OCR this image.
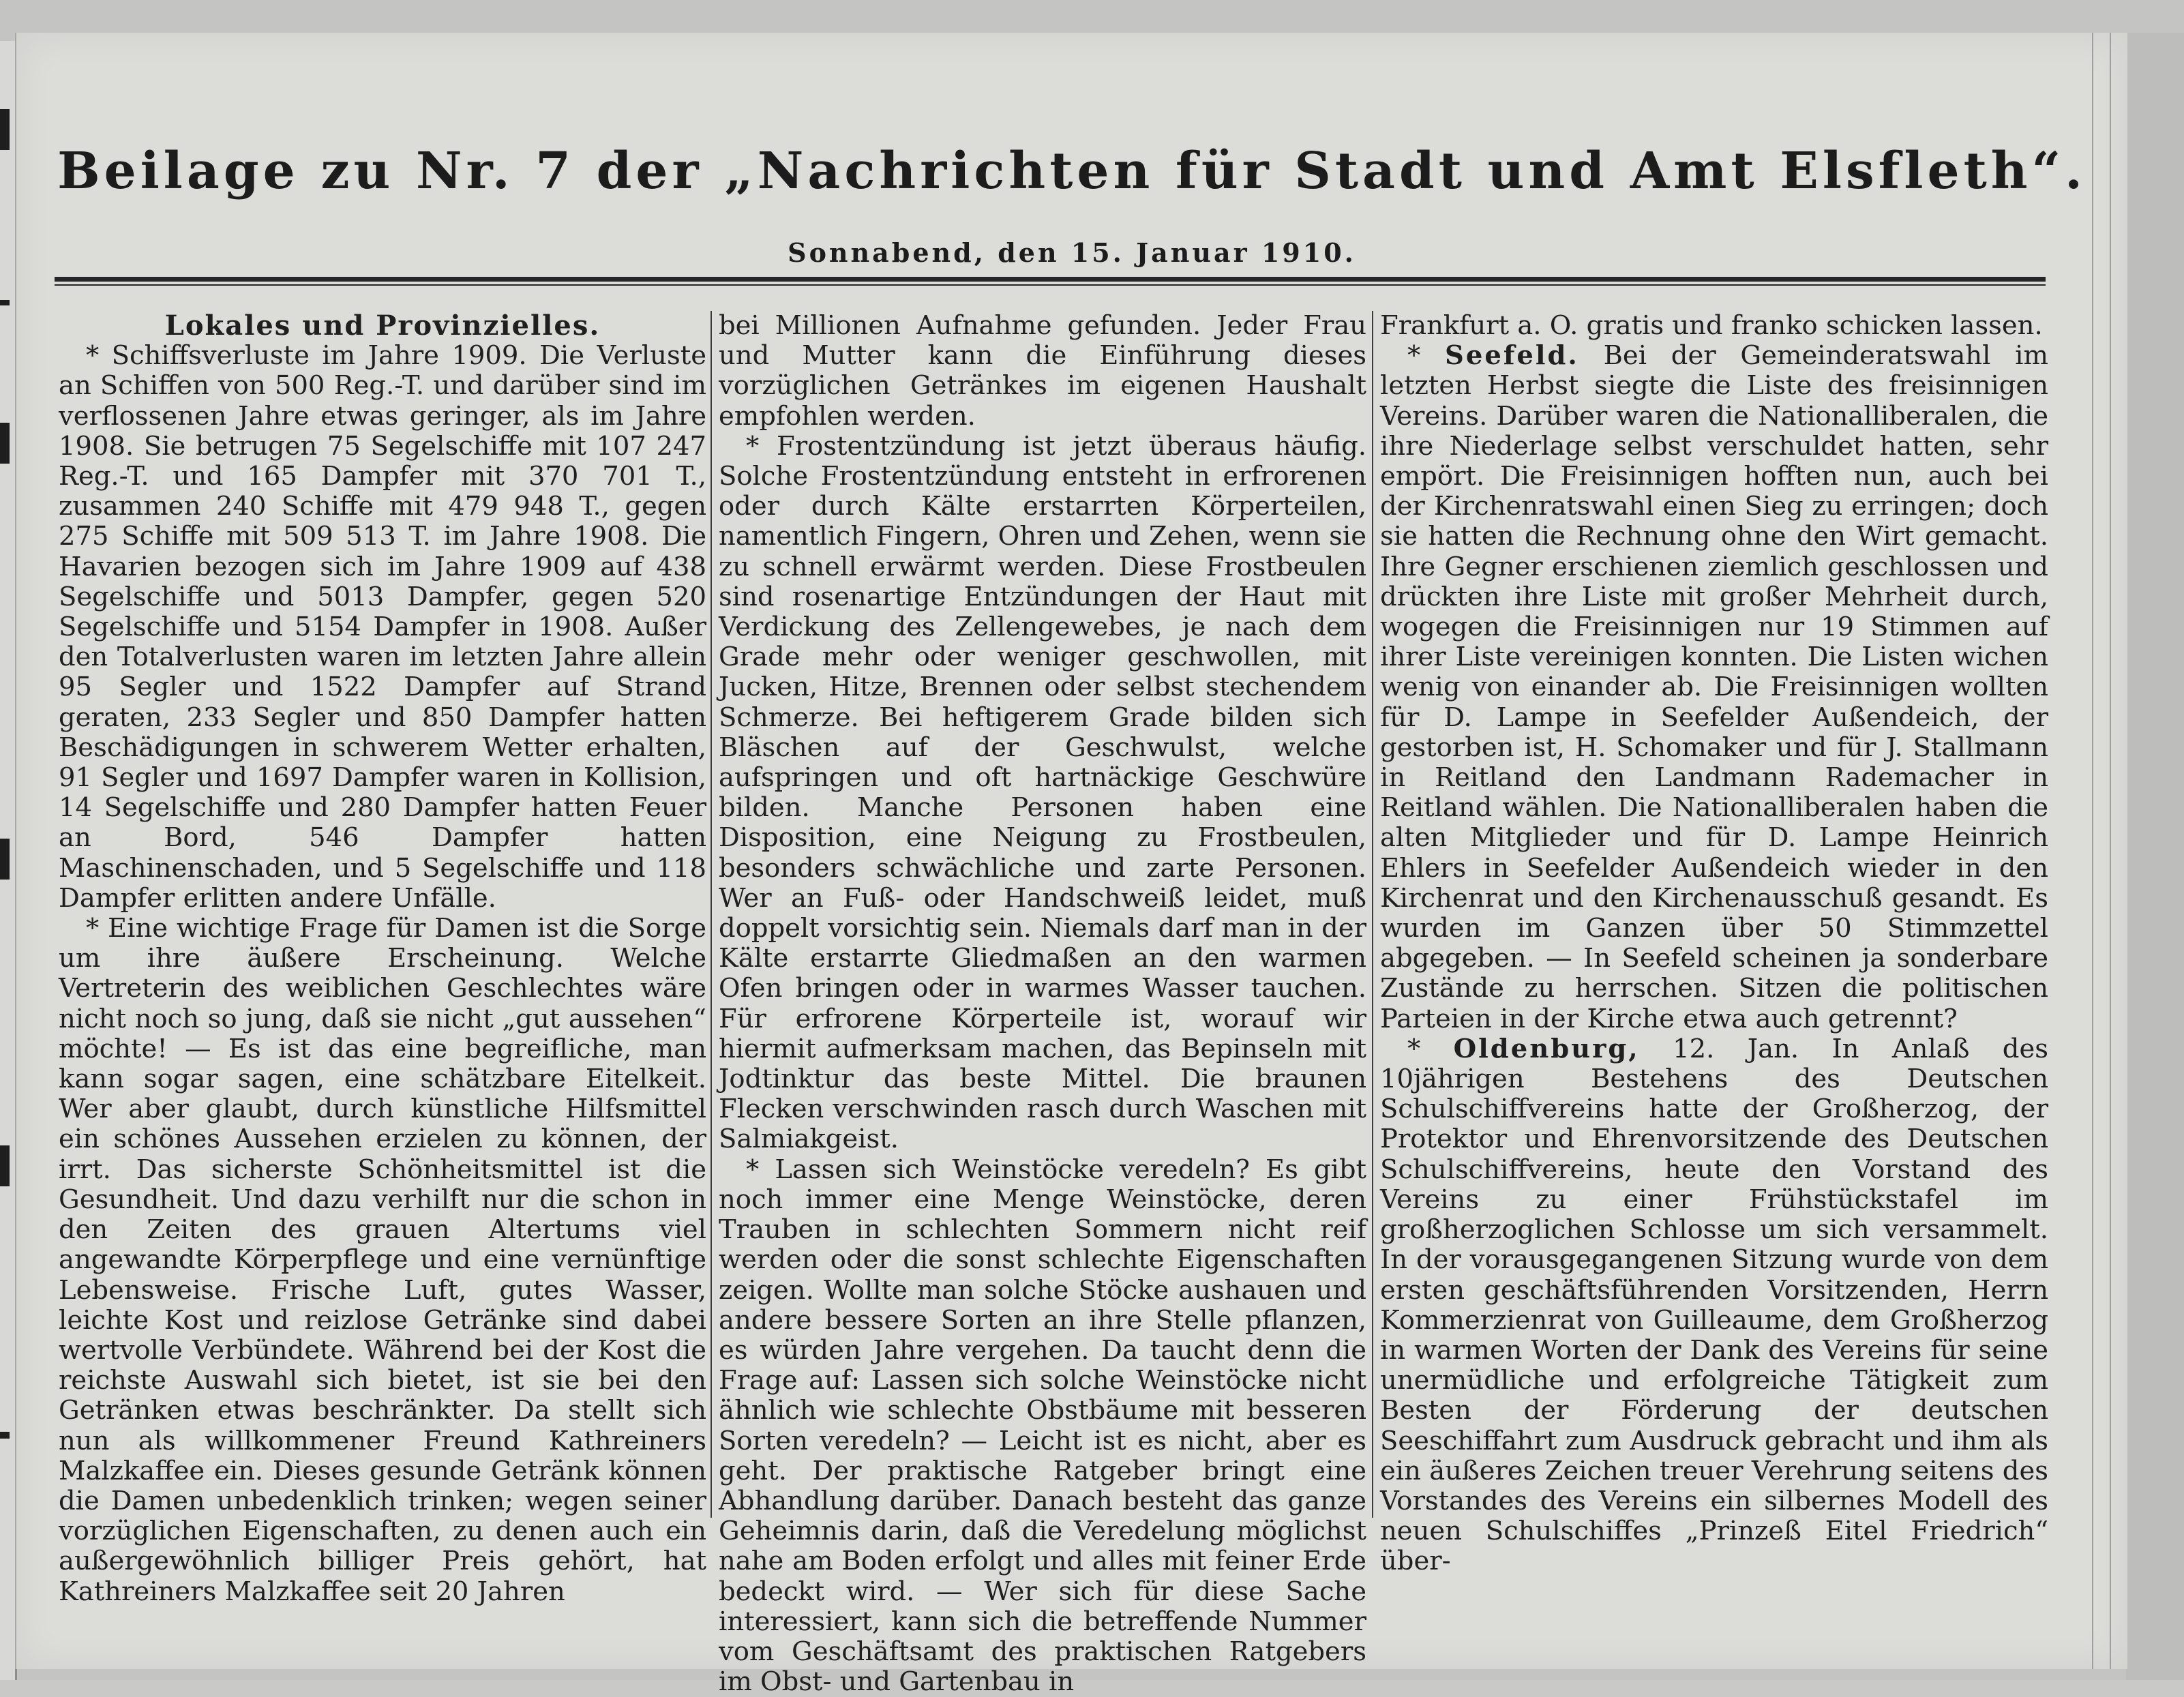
Beilage zu Nr. 7 der „Nachrichten für Stadt und Amt Elsfleth“.
Sonnabend, den 15. Januar 1910.
Lokales und Provinzielles.
* Schiffsverluste im Jahre 1909. Die Verluste an Schiffen von 500 Reg.-T. und darüber sind im verflossenen Jahre etwas geringer, als im Jahre 1908. Sie betrugen 75 Segelschiffe mit 107 247 Reg.-T. und 165 Dampfer mit 370 701 T., zusammen 240 Schiffe mit 479 948 T., gegen 275 Schiffe mit 509 513 T. im Jahre 1908. Die Havarien bezogen sich im Jahre 1909 auf 438 Segelschiffe und 5013 Dampfer, gegen 520 Segelschiffe und 5154 Dampfer in 1908. Außer den Totalverlusten waren im letzten Jahre allein 95 Segler und 1522 Dampfer auf Strand geraten, 233 Segler und 850 Dampfer hatten Beschädigungen in schwerem Wetter erhalten, 91 Segler und 1697 Dampfer waren in Kollision, 14 Segelschiffe und 280 Dampfer hatten Feuer an Bord, 546 Dampfer hatten Maschinenschaden, und 5 Segelschiffe und 118 Dampfer erlitten andere Unfälle.
* Eine wichtige Frage für Damen ist die Sorge um ihre äußere Erscheinung. Welche Vertreterin des weiblichen Geschlechtes wäre nicht noch so jung, daß sie nicht „gut aussehen“ möchte! — Es ist das eine begreifliche, man kann sogar sagen, eine schätzbare Eitelkeit. Wer aber glaubt, durch künstliche Hilfsmittel ein schönes Aussehen erzielen zu können, der irrt. Das sicherste Schönheitsmittel ist die Gesundheit. Und dazu verhilft nur die schon in den Zeiten des grauen Altertums viel angewandte Körperpflege und eine vernünftige Lebensweise. Frische Luft, gutes Wasser, leichte Kost und reizlose Getränke sind dabei wertvolle Verbündete. Während bei der Kost die reichste Auswahl sich bietet, ist sie bei den Getränken etwas beschränkter. Da stellt sich nun als willkommener Freund Kathreiners Malzkaffee ein. Dieses gesunde Getränk können die Damen unbedenklich trinken; wegen seiner vorzüglichen Eigenschaften, zu denen auch ein außergewöhnlich billiger Preis gehört, hat Kathreiners Malzkaffee seit 20 Jahren
bei Millionen Aufnahme gefunden. Jeder Frau und Mutter kann die Einführung dieses vorzüglichen Getränkes im eigenen Haushalt empfohlen werden.
* Frostentzündung ist jetzt überaus häufig. Solche Frostentzündung entsteht in erfrorenen oder durch Kälte erstarrten Körperteilen, namentlich Fingern, Ohren und Zehen, wenn sie zu schnell erwärmt werden. Diese Frostbeulen sind rosenartige Entzündungen der Haut mit Verdickung des Zellengewebes, je nach dem Grade mehr oder weniger geschwollen, mit Jucken, Hitze, Brennen oder selbst stechendem Schmerze. Bei heftigerem Grade bilden sich Bläschen auf der Geschwulst, welche aufspringen und oft hartnäckige Geschwüre bilden. Manche Personen haben eine Disposition, eine Neigung zu Frostbeulen, besonders schwächliche und zarte Personen. Wer an Fuß- oder Handschweiß leidet, muß doppelt vorsichtig sein. Niemals darf man in der Kälte erstarrte Gliedmaßen an den warmen Ofen bringen oder in warmes Wasser tauchen. Für erfrorene Körperteile ist, worauf wir hiermit aufmerksam machen, das Bepinseln mit Jodtinktur das beste Mittel. Die braunen Flecken verschwinden rasch durch Waschen mit Salmiakgeist.
* Lassen sich Weinstöcke veredeln? Es gibt noch immer eine Menge Weinstöcke, deren Trauben in schlechten Sommern nicht reif werden oder die sonst schlechte Eigenschaften zeigen. Wollte man solche Stöcke aushauen und andere bessere Sorten an ihre Stelle pflanzen, es würden Jahre vergehen. Da taucht denn die Frage auf: Lassen sich solche Weinstöcke nicht ähnlich wie schlechte Obstbäume mit besseren Sorten veredeln? — Leicht ist es nicht, aber es geht. Der praktische Ratgeber bringt eine Abhandlung darüber. Danach besteht das ganze Geheimnis darin, daß die Veredelung möglichst nahe am Boden erfolgt und alles mit feiner Erde bedeckt wird. — Wer sich für diese Sache interessiert, kann sich die betreffende Nummer vom Geschäftsamt des praktischen Ratgebers im Obst- und Gartenbau in
Frankfurt a. O. gratis und franko schicken lassen.
* Seefeld. Bei der Gemeinderatswahl im letzten Herbst siegte die Liste des freisinnigen Vereins. Darüber waren die Nationalliberalen, die ihre Niederlage selbst verschuldet hatten, sehr empört. Die Freisinnigen hofften nun, auch bei der Kirchenratswahl einen Sieg zu erringen; doch sie hatten die Rechnung ohne den Wirt gemacht. Ihre Gegner erschienen ziemlich geschlossen und drückten ihre Liste mit großer Mehrheit durch, wogegen die Freisinnigen nur 19 Stimmen auf ihrer Liste vereinigen konnten. Die Listen wichen wenig von einander ab. Die Freisinnigen wollten für D. Lampe in Seefelder Außendeich, der gestorben ist, H. Schomaker und für J. Stallmann in Reitland den Landmann Rademacher in Reitland wählen. Die Nationalliberalen haben die alten Mitglieder und für D. Lampe Heinrich Ehlers in Seefelder Außendeich wieder in den Kirchenrat und den Kirchenausschuß gesandt. Es wurden im Ganzen über 50 Stimmzettel abgegeben. — In Seefeld scheinen ja sonderbare Zustände zu herrschen. Sitzen die politischen Parteien in der Kirche etwa auch getrennt?
* Oldenburg, 12. Jan. In Anlaß des 10jährigen Bestehens des Deutschen Schulschiffvereins hatte der Großherzog, der Protektor und Ehrenvorsitzende des Deutschen Schulschiffvereins, heute den Vorstand des Vereins zu einer Frühstückstafel im großherzoglichen Schlosse um sich versammelt. In der vorausgegangenen Sitzung wurde von dem ersten geschäftsführenden Vorsitzenden, Herrn Kommerzienrat von Guilleaume, dem Großherzog in warmen Worten der Dank des Vereins für seine unermüdliche und erfolgreiche Tätigkeit zum Besten der Förderung der deutschen Seeschiffahrt zum Ausdruck gebracht und ihm als ein äußeres Zeichen treuer Verehrung seitens des Vorstandes des Vereins ein silbernes Modell des neuen Schulschiffes „Prinzeß Eitel Friedrich“ über-
